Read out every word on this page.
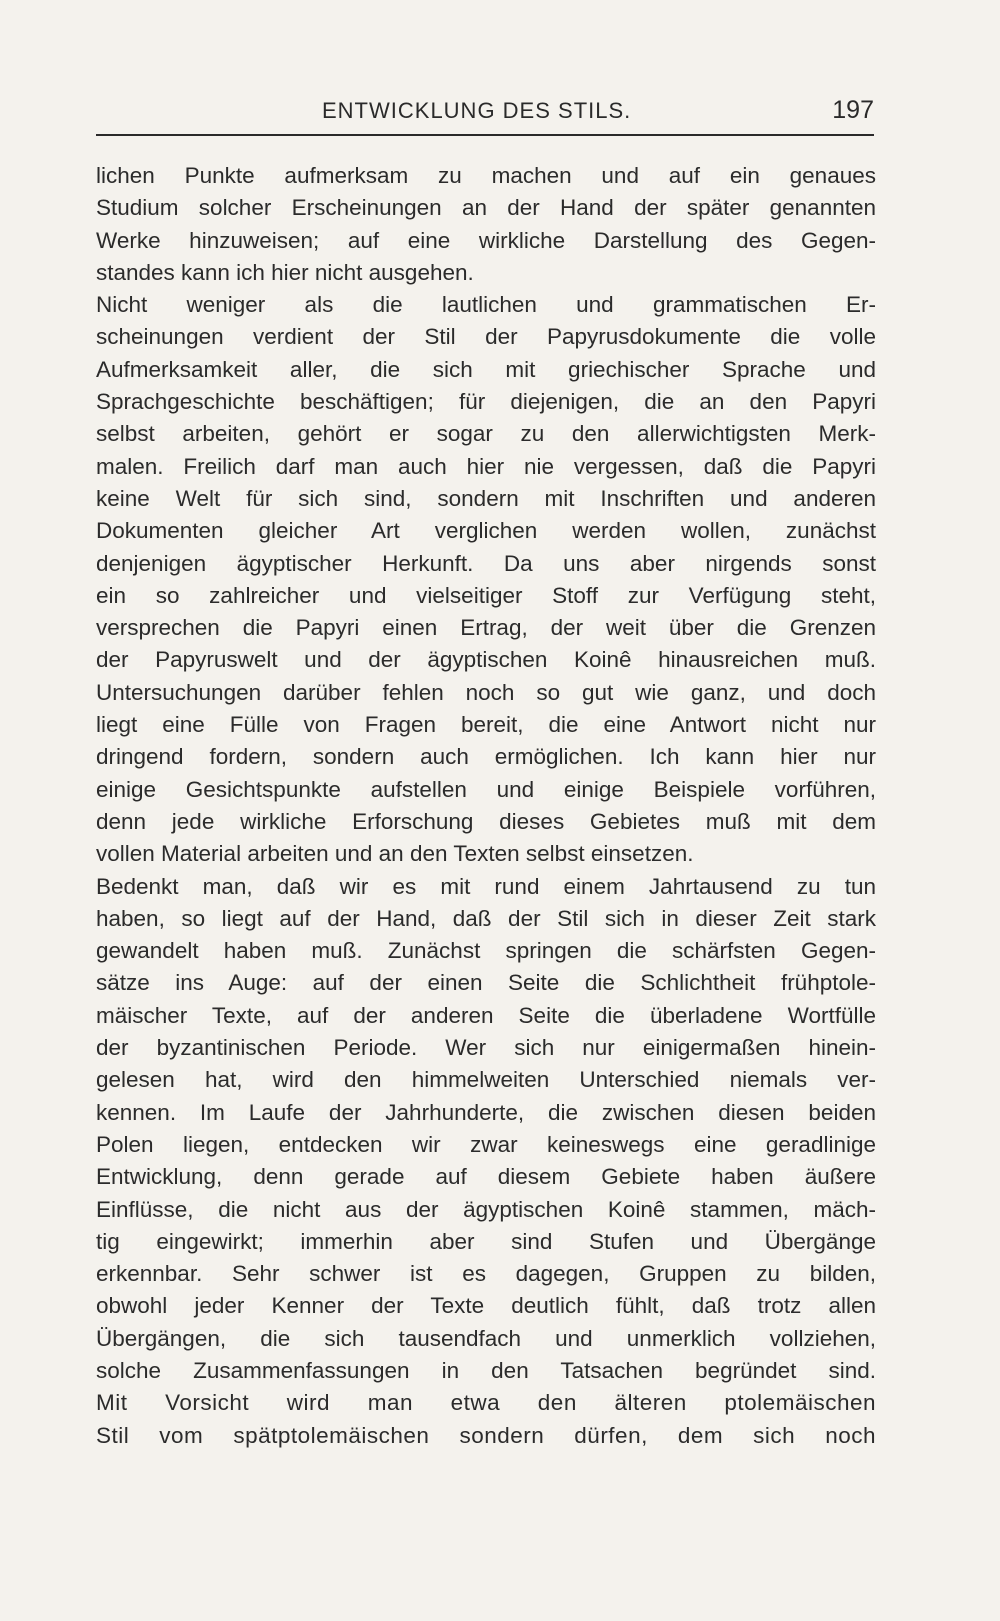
ENTWICKLUNG DES STILS.	197
lichen Punkte aufmerksam zu machen und auf ein genaues
Studium solcher Erscheinungen an der Hand der später genannten
Werke hinzuweisen; auf eine wirkliche Darstellung des Gegen-
standes kann ich hier nicht ausgehen.
Nicht weniger als die lautlichen und grammatischen Er-
scheinungen verdient der Stil der Papyrusdokumente die volle
Aufmerksamkeit aller, die sich mit griechischer Sprache und
Sprachgeschichte beschäftigen; für diejenigen, die an den Papyri
selbst arbeiten, gehört er sogar zu den allerwichtigsten Merk-
malen. Freilich darf man auch hier nie vergessen, daß die Papyri
keine Welt für sich sind, sondern mit Inschriften und anderen
Dokumenten gleicher Art verglichen werden wollen, zunächst
denjenigen ägyptischer Herkunft. Da uns aber nirgends sonst
ein so zahlreicher und vielseitiger Stoff zur Verfügung steht,
versprechen die Papyri einen Ertrag, der weit über die Grenzen
der Papyruswelt und der ägyptischen Koinê hinausreichen muß.
Untersuchungen darüber fehlen noch so gut wie ganz, und doch
liegt eine Fülle von Fragen bereit, die eine Antwort nicht nur
dringend fordern, sondern auch ermöglichen. Ich kann hier nur
einige Gesichtspunkte aufstellen und einige Beispiele vorführen,
denn jede wirkliche Erforschung dieses Gebietes muß mit dem
vollen Material arbeiten und an den Texten selbst einsetzen.
Bedenkt man, daß wir es mit rund einem Jahrtausend zu tun
haben, so liegt auf der Hand, daß der Stil sich in dieser Zeit stark
gewandelt haben muß. Zunächst springen die schärfsten Gegen-
sätze ins Auge: auf der einen Seite die Schlichtheit frühptole-
mäischer Texte, auf der anderen Seite die überladene Wortfülle
der byzantinischen Periode. Wer sich nur einigermaßen hinein-
gelesen hat, wird den himmelweiten Unterschied niemals ver-
kennen. Im Laufe der Jahrhunderte, die zwischen diesen beiden
Polen liegen, entdecken wir zwar keineswegs eine geradlinige
Entwicklung, denn gerade auf diesem Gebiete haben äußere
Einflüsse, die nicht aus der ägyptischen Koinê stammen, mäch-
tig eingewirkt; immerhin aber sind Stufen und Übergänge
erkennbar. Sehr schwer ist es dagegen, Gruppen zu bilden,
obwohl jeder Kenner der Texte deutlich fühlt, daß trotz allen
Übergängen, die sich tausendfach und unmerklich vollziehen,
solche Zusammenfassungen in den Tatsachen begründet sind.
Mit Vorsicht wird man etwa den älteren ptolemäischen
Stil vom spätptolemäischen sondern dürfen, dem sich noch
